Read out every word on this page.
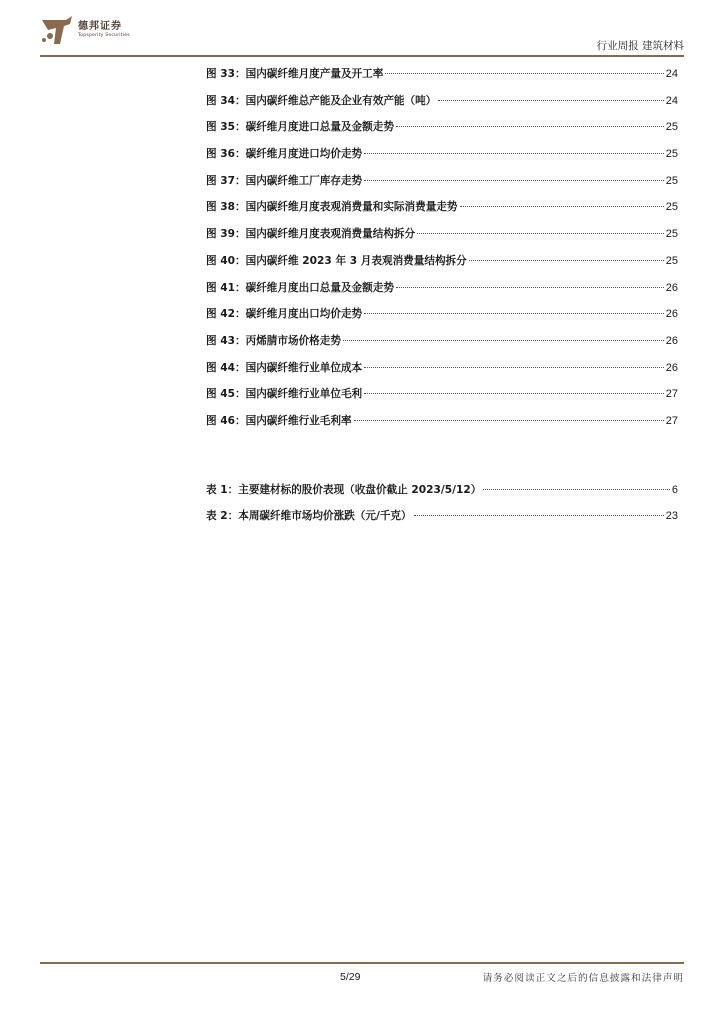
德邦证券
Topsperity Securities
行业周报 建筑材料
图 33：国内碳纤维月度产量及开工率	24
图 34：国内碳纤维总产能及企业有效产能（吨）	24
图 35：碳纤维月度进口总量及金额走势	25
图 36：碳纤维月度进口均价走势	25
图 37：国内碳纤维工厂库存走势	25
图 38：国内碳纤维月度表观消费量和实际消费量走势	25
图 39：国内碳纤维月度表观消费量结构拆分	25
图 40：国内碳纤维 2023 年 3 月表观消费量结构拆分	25
图 41：碳纤维月度出口总量及金额走势	26
图 42：碳纤维月度出口均价走势	26
图 43：丙烯腈市场价格走势	26
图 44：国内碳纤维行业单位成本	26
图 45：国内碳纤维行业单位毛利	27
图 46：国内碳纤维行业毛利率	27
表 1：主要建材标的股价表现（收盘价截止 2023/5/12）	6
表 2：本周碳纤维市场均价涨跌（元/千克）	23
5/29	请务必阅读正文之后的信息披露和法律声明
